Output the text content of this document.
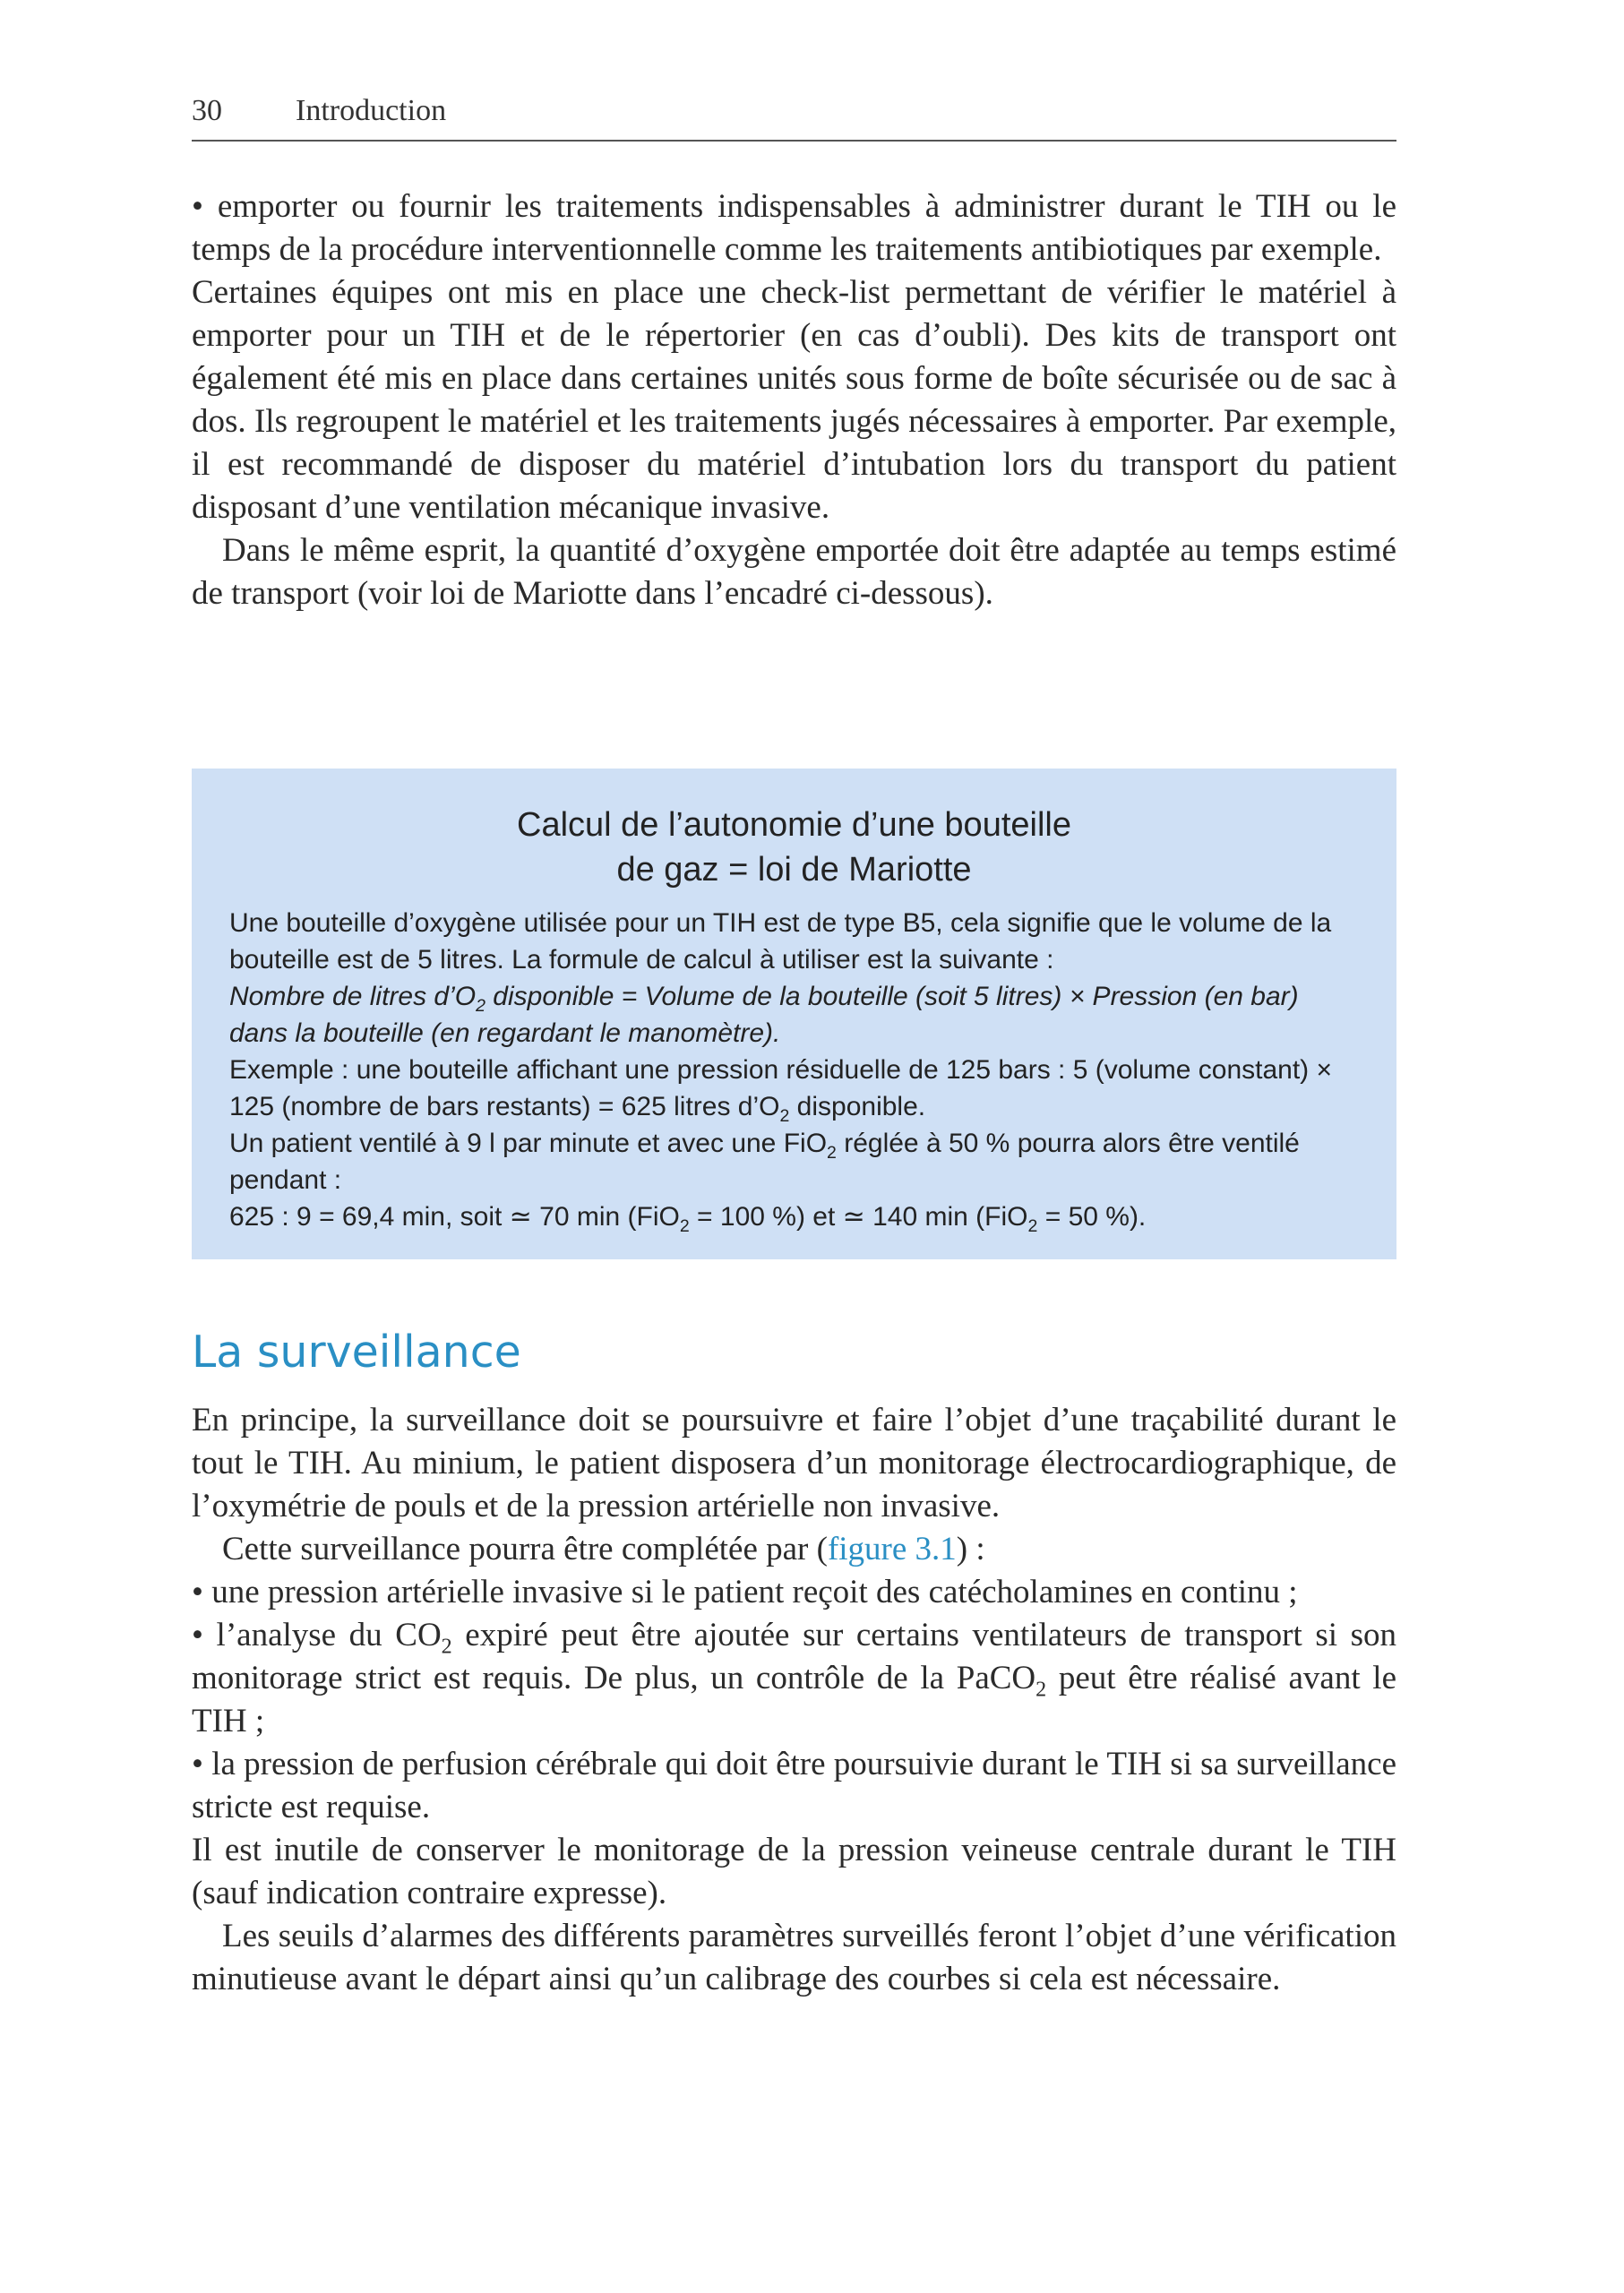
30 Introduction

• emporter ou fournir les traitements indispensables à administrer durant le TIH ou le temps de la procédure interventionnelle comme les traitements antibiotiques par exemple.

Certaines équipes ont mis en place une check-list permettant de vérifier le matériel à emporter pour un TIH et de le répertorier (en cas d’oubli). Des kits de transport ont également été mis en place dans certaines unités sous forme de boîte sécurisée ou de sac à dos. Ils regroupent le matériel et les traitements jugés nécessaires à emporter. Par exemple, il est recommandé de disposer du matériel d’intubation lors du transport du patient disposant d’une ventilation mécanique invasive.

Dans le même esprit, la quantité d’oxygène emportée doit être adaptée au temps estimé de transport (voir loi de Mariotte dans l’encadré ci-dessous).

Calcul de l’autonomie d’une bouteille
de gaz = loi de Mariotte

Une bouteille d’oxygène utilisée pour un TIH est de type B5, cela signifie que le volume de la bouteille est de 5 litres. La formule de calcul à utiliser est la suivante :

Nombre de litres $d’O_2$ disponible = Volume de la bouteille (soit 5 litres) × Pression (en bar) dans la bouteille (en regardant le manomètre).

Exemple : une bouteille affichant une pression résiduelle de 125 bars : 5 (volume constant) × 125 (nombre de bars restants) = 625 litres $d’O_2$ disponible.

Un patient ventilé à 9 l par minute et avec une FiO$_2$ réglée à 50 % pourra alors être ventilé pendant :

625 : 9 = 69,4 min, soit ≃ 70 min (FiO$_2$ = 100 %) et ≃ 140 min (FiO$_2$ = 50 %).

La surveillance

En principe, la surveillance doit se poursuivre et faire l’objet d’une traçabilité durant le tout le TIH. Au minium, le patient disposera d’un monitorage électrocardiographique, de l’oxymétrie de pouls et de la pression artérielle non invasive.

Cette surveillance pourra être complétée par (figure 3.1) :

• une pression artérielle invasive si le patient reçoit des catécholamines en continu ;

• l’analyse du $CO_2$ expiré peut être ajoutée sur certains ventilateurs de transport si son monitorage strict est requis. De plus, un contrôle de la PaCO$_2$ peut être réalisé avant le TIH ;

• la pression de perfusion cérébrale qui doit être poursuivie durant le TIH si sa surveillance stricte est requise.

Il est inutile de conserver le monitorage de la pression veineuse centrale durant le TIH (sauf indication contraire expresse).

Les seuils d’alarmes des différents paramètres surveillés feront l’objet d’une vérification minutieuse avant le départ ainsi qu’un calibrage des courbes si cela est nécessaire.
